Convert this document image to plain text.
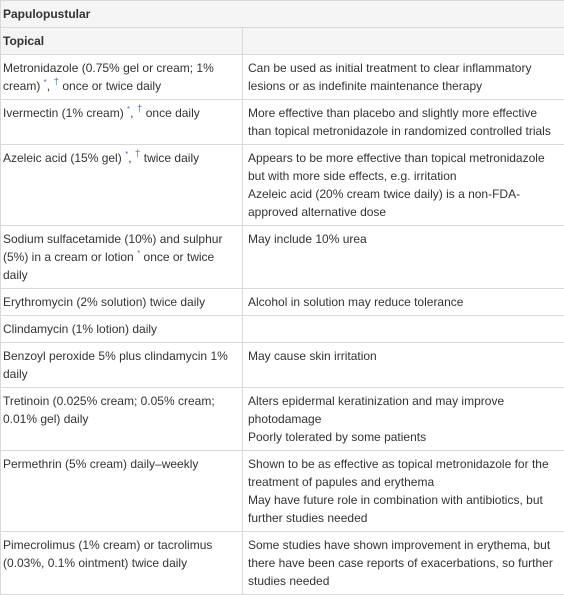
Papulopustular	
Topical	
Metronidazole (0.75% gel or cream; 1% cream) *, † once or twice daily	Can be used as initial treatment to clear inflammatory lesions or as indefinite maintenance therapy

Ivermectin (1% cream) *, † once daily	More effective than placebo and slightly more effective than topical metronidazole in randomized controlled trials

Azeleic acid (15% gel) *, † twice daily	Appears to be more effective than topical metronidazole but with more side effects, e.g. irritation
Azeleic acid (20% cream twice daily) is a non-FDA-approved alternative dose

Sodium sulfacetamide (10%) and sulphur (5%) in a cream or lotion * once or twice daily	May include 10% urea

Erythromycin (2% solution) twice daily	Alcohol in solution may reduce tolerance

Clindamycin (1% lotion) daily	

Benzoyl peroxide 5% plus clindamycin 1% daily	May cause skin irritation

Tretinoin (0.025% cream; 0.05% cream; 0.01% gel) daily	Alters epidermal keratinization and may improve photodamage
Poorly tolerated by some patients

Permethrin (5% cream) daily–weekly	Shown to be as effective as topical metronidazole for the treatment of papules and erythema
May have future role in combination with antibiotics, but further studies needed

Pimecrolimus (1% cream) or tacrolimus (0.03%, 0.1% ointment) twice daily	Some studies have shown improvement in erythema, but there have been case reports of exacerbations, so further studies needed
